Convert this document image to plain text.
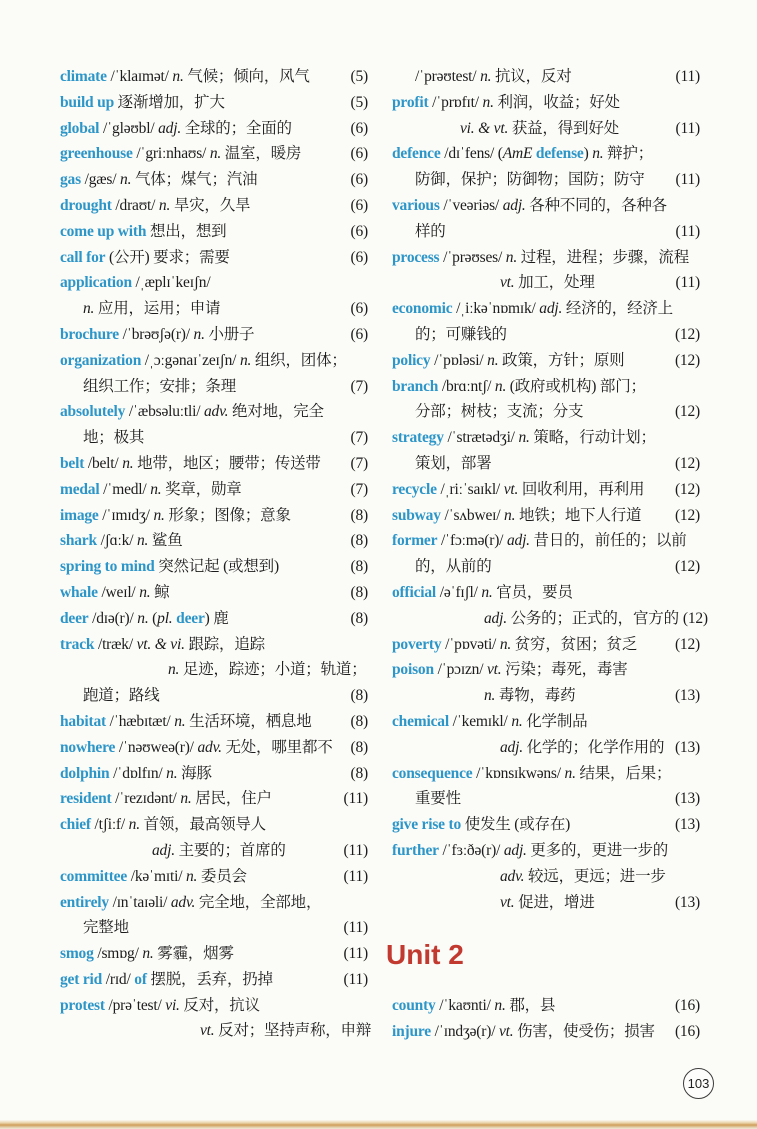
climate /ˈklaɪmət/ n. 气候；倾向，风气	(5)
build up 逐渐增加，扩大	(5)
global /ˈgləʊbl/ adj. 全球的；全面的	(6)
greenhouse /ˈgriːnhaʊs/ n. 温室，暖房	(6)
gas /gæs/ n. 气体；煤气；汽油	(6)
drought /draʊt/ n. 旱灾，久旱	(6)
come up with 想出，想到	(6)
call for (公开) 要求；需要	(6)
application /ˌæplɪˈkeɪʃn/
n. 应用，运用；申请	(6)
brochure /ˈbrəʊʃə(r)/ n. 小册子	(6)
organization /ˌɔːgənaɪˈzeɪʃn/ n. 组织，团体；
组织工作；安排；条理	(7)
absolutely /ˈæbsəluːtli/ adv. 绝对地，完全
地；极其	(7)
belt /belt/ n. 地带，地区；腰带；传送带 (7)
medal /ˈmedl/ n. 奖章，勋章	(7)
image /ˈɪmɪdʒ/ n. 形象；图像；意象	(8)
shark /ʃɑːk/ n. 鲨鱼	(8)
spring to mind 突然记起 (或想到)	(8)
whale /weɪl/ n. 鲸	(8)
deer /dɪə(r)/ n. (pl. deer) 鹿	(8)
track /træk/ vt. & vi. 跟踪，追踪
n. 足迹，踪迹；小道；轨道；
跑道；路线	(8)
habitat /ˈhæbɪtæt/ n. 生活环境，栖息地	(8)
nowhere /ˈnəʊweə(r)/ adv. 无处，哪里都不 (8)
dolphin /ˈdɒlfɪn/ n. 海豚	(8)
resident /ˈrezɪdənt/ n. 居民，住户	(11)
chief /tʃiːf/ n. 首领，最高领导人
adj. 主要的；首席的	(11)
committee /kəˈmɪti/ n. 委员会	(11)
entirely /ɪnˈtaɪəli/ adv. 完全地，全部地，
完整地	(11)
smog /smɒg/ n. 雾霾，烟雾	(11)
get rid /rɪd/ of 摆脱，丢弃，扔掉	(11)
protest /prəˈtest/ vi. 反对，抗议
vt. 反对；坚持声称，申辩
/ˈprəʊtest/ n. 抗议，反对	(11)
profit /ˈprɒfɪt/ n. 利润，收益；好处
vi. & vt. 获益，得到好处	(11)
defence /dɪˈfens/ (AmE defense) n. 辩护；
防御，保护；防御物；国防；防守 (11)
various /ˈveəriəs/ adj. 各种不同的，各种各
样的	(11)
process /ˈprəʊses/ n. 过程，进程；步骤，流程
vt. 加工，处理	(11)
economic /ˌiːkəˈnɒmɪk/ adj. 经济的，经济上
的；可赚钱的	(12)
policy /ˈpɒləsi/ n. 政策，方针；原则	(12)
branch /brɑːntʃ/ n. (政府或机构) 部门；
分部；树枝；支流；分支	(12)
strategy /ˈstrætədʒi/ n. 策略，行动计划；
策划，部署	(12)
recycle /ˌriːˈsaɪkl/ vt. 回收利用，再利用 (12)
subway /ˈsʌbweɪ/ n. 地铁；地下人行道 (12)
former /ˈfɔːmə(r)/ adj. 昔日的，前任的；以前
的，从前的	(12)
official /əˈfɪʃl/ n. 官员，要员
adj. 公务的；正式的，官方的 (12)
poverty /ˈpɒvəti/ n. 贫穷，贫困；贫乏 (12)
poison /ˈpɔɪzn/ vt. 污染；毒死，毒害
n. 毒物，毒药	(13)
chemical /ˈkemɪkl/ n. 化学制品
adj. 化学的；化学作用的 (13)
consequence /ˈkɒnsɪkwəns/ n. 结果，后果；
重要性	(13)
give rise to 使发生 (或存在)	(13)
further /ˈfɜːðə(r)/ adj. 更多的，更进一步的
adv. 较远，更远；进一步
vt. 促进，增进	(13)
Unit 2
county /ˈkaʊnti/ n. 郡，县	(16)
injure /ˈɪndʒə(r)/ vt. 伤害，使受伤；损害 (16)
103
